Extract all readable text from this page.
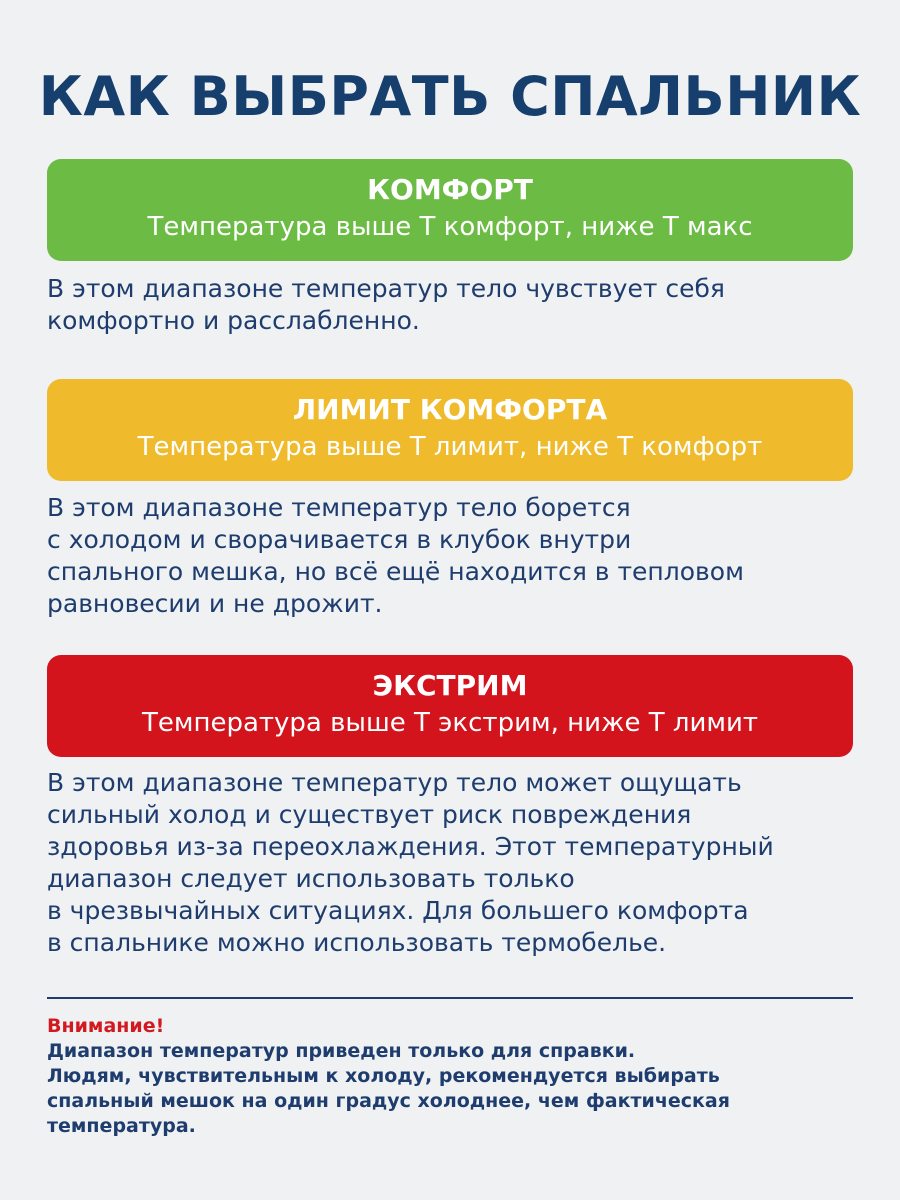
КАК ВЫБРАТЬ СПАЛЬНИК
КОМФОРТ
Температура выше Т комфорт, ниже Т макс
В этом диапазоне температур тело чувствует себя
комфортно и расслабленно.
ЛИМИТ КОМФОРТА
Температура выше Т лимит, ниже Т комфорт
В этом диапазоне температур тело борется
с холодом и сворачивается в клубок внутри
спального мешка, но всё ещё находится в тепловом
равновесии и не дрожит.
ЭКСТРИМ
Температура выше Т экстрим, ниже Т лимит
В этом диапазоне температур тело может ощущать
сильный холод и существует риск повреждения
здоровья из-за переохлаждения. Этот температурный
диапазон следует использовать только
в чрезвычайных ситуациях. Для большего комфорта
в спальнике можно использовать термобелье.
Внимание!
Диапазон температур приведен только для справки.
Людям, чувствительным к холоду, рекомендуется выбирать
спальный мешок на один градус холоднее, чем фактическая
температура.
